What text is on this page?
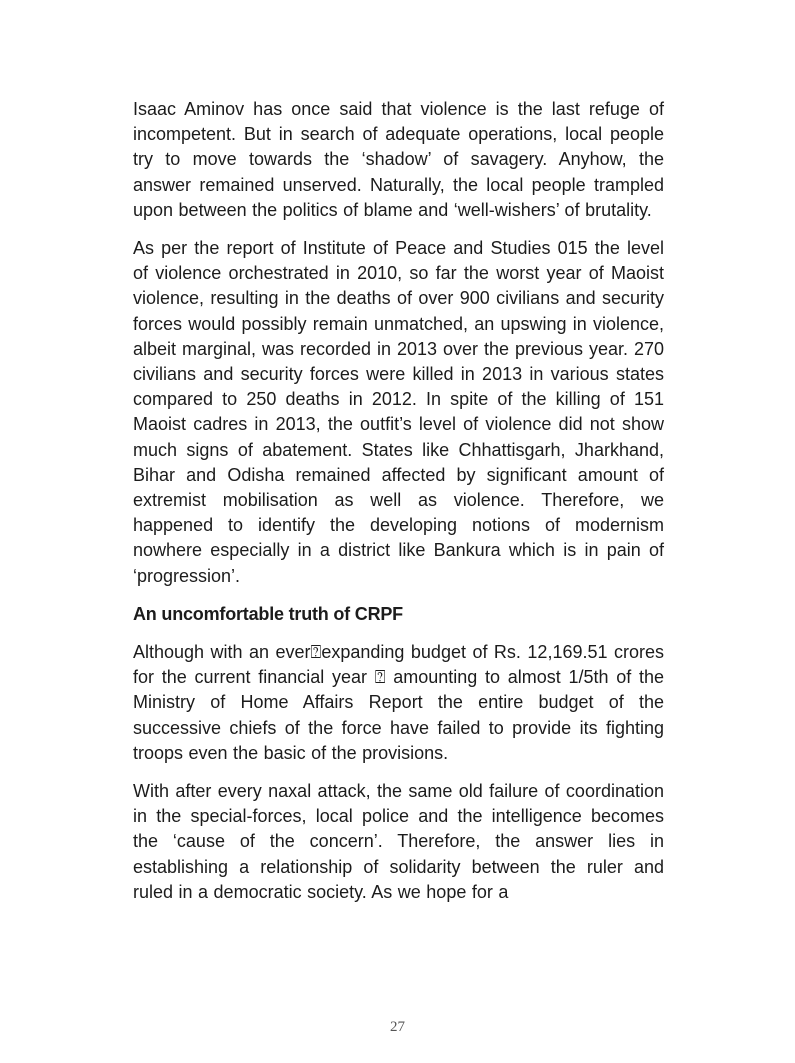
Isaac Aminov has once said that violence is the last refuge of incompetent. But in search of adequate operations, local people try to move towards the ‘shadow’ of savagery. Anyhow, the answer remained unserved. Naturally, the local people trampled upon between the politics of blame and ‘well-wishers’ of brutality.

As per the report of Institute of Peace and Studies 015 the level of violence orchestrated in 2010, so far the worst year of Maoist violence, resulting in the deaths of over 900 civilians and security forces would possibly remain unmatched, an upswing in violence, albeit marginal, was recorded in 2013 over the previous year. 270 civilians and security forces were killed in 2013 in various states compared to 250 deaths in 2012. In spite of the killing of 151 Maoist cadres in 2013, the outfit’s level of violence did not show much signs of abatement. States like Chhattisgarh, Jharkhand, Bihar and Odisha remained affected by significant amount of extremist mobilisation as well as violence. Therefore, we happened to identify the developing notions of modernism nowhere especially in a district like Bankura which is in pain of ‘progression’.

An uncomfortable truth of CRPF

Although with an ever⍰expanding budget of Rs. 12,169.51 crores for the current financial year ⍰ amounting to almost 1/5th of the Ministry of Home Affairs Report the entire budget of the successive chiefs of the force have failed to provide its fighting troops even the basic of the provisions.

With after every naxal attack, the same old failure of coordination in the special-forces, local police and the intelligence becomes the ‘cause of the concern’. Therefore, the answer lies in establishing a relationship of solidarity between the ruler and ruled in a democratic society. As we hope for a

27
